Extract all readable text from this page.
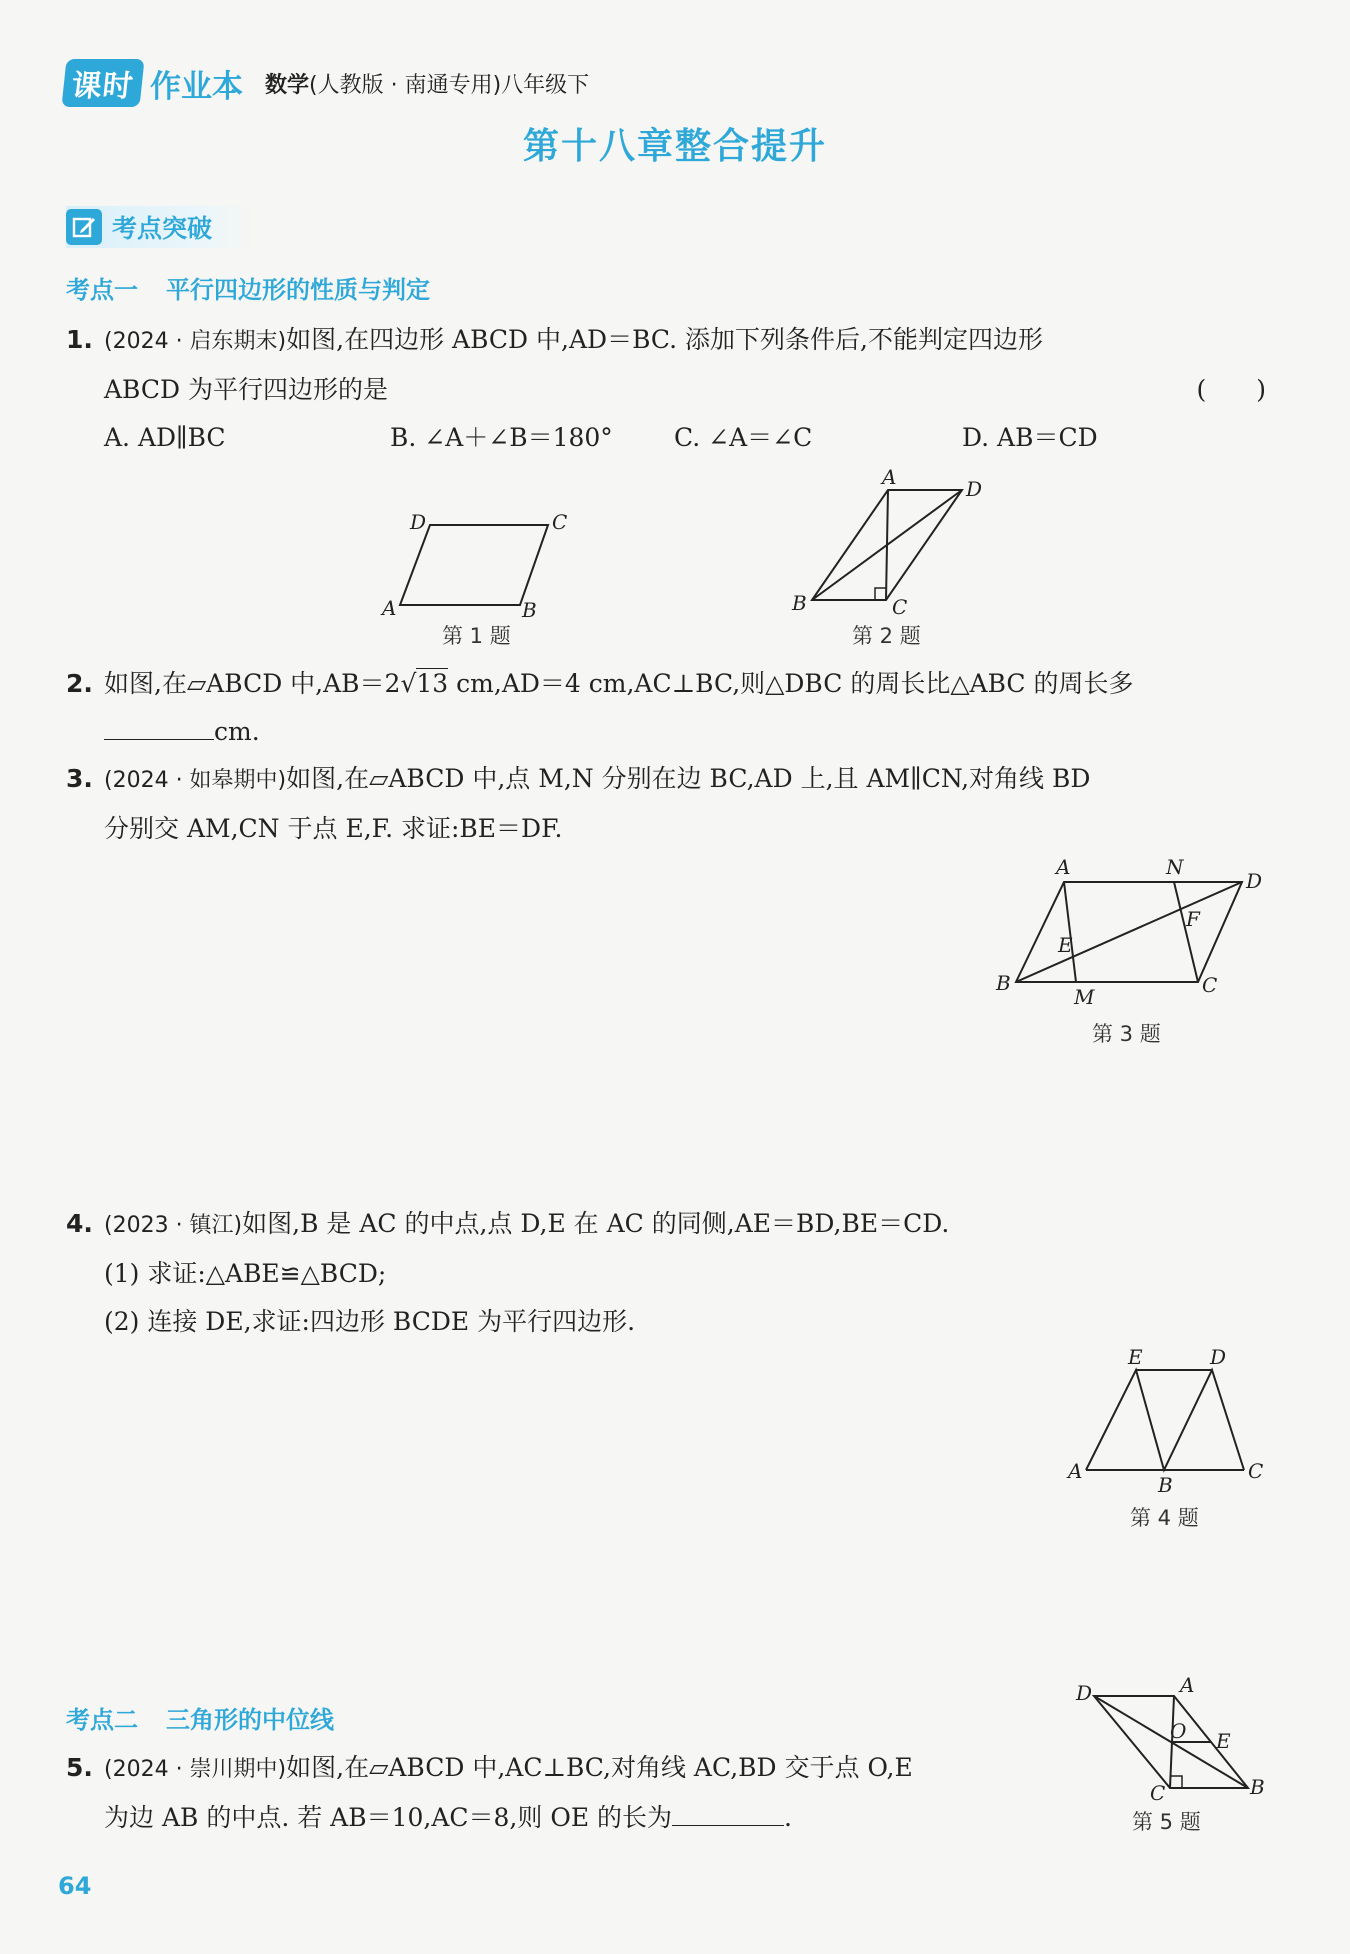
课时 作业本 数学(人教版 · 南通专用)八年级下
第十八章整合提升
考点突破
考点一 平行四边形的性质与判定
1. (2024 · 启东期末)如图,在四边形 ABCD 中,AD＝BC. 添加下列条件后,不能判定四边形
ABCD 为平行四边形的是	(　　)
A. AD∥BC	B. ∠A＋∠B＝180°	C. ∠A＝∠C	D. AB＝CD
D	C
A	B
第 1 题
A	D
B	C
第 2 题
2. 如图,在▱ABCD 中,AB＝2√13 cm,AD＝4 cm,AC⊥BC,则△DBC 的周长比△ABC 的周长多
cm.
3. (2024 · 如皋期中)如图,在▱ABCD 中,点 M,N 分别在边 BC,AD 上,且 AM∥CN,对角线 BD
分别交 AM,CN 于点 E,F. 求证:BE＝DF.
A	N
D
F
E
B
M	C
第 3 题
4. (2023 · 镇江)如图,B 是 AC 的中点,点 D,E 在 AC 的同侧,AE＝BD,BE＝CD.
(1) 求证:△ABE≌△BCD;
(2) 连接 DE,求证:四边形 BCDE 为平行四边形.
E	D
A
B
C
第 4 题
考点二 三角形的中位线
5. (2024 · 崇川期中)如图,在▱ABCD 中,AC⊥BC,对角线 AC,BD 交于点 O,E
为边 AB 的中点. 若 AB＝10,AC＝8,则 OE 的长为	.
D	A
O E
C	B
第 5 题
64
